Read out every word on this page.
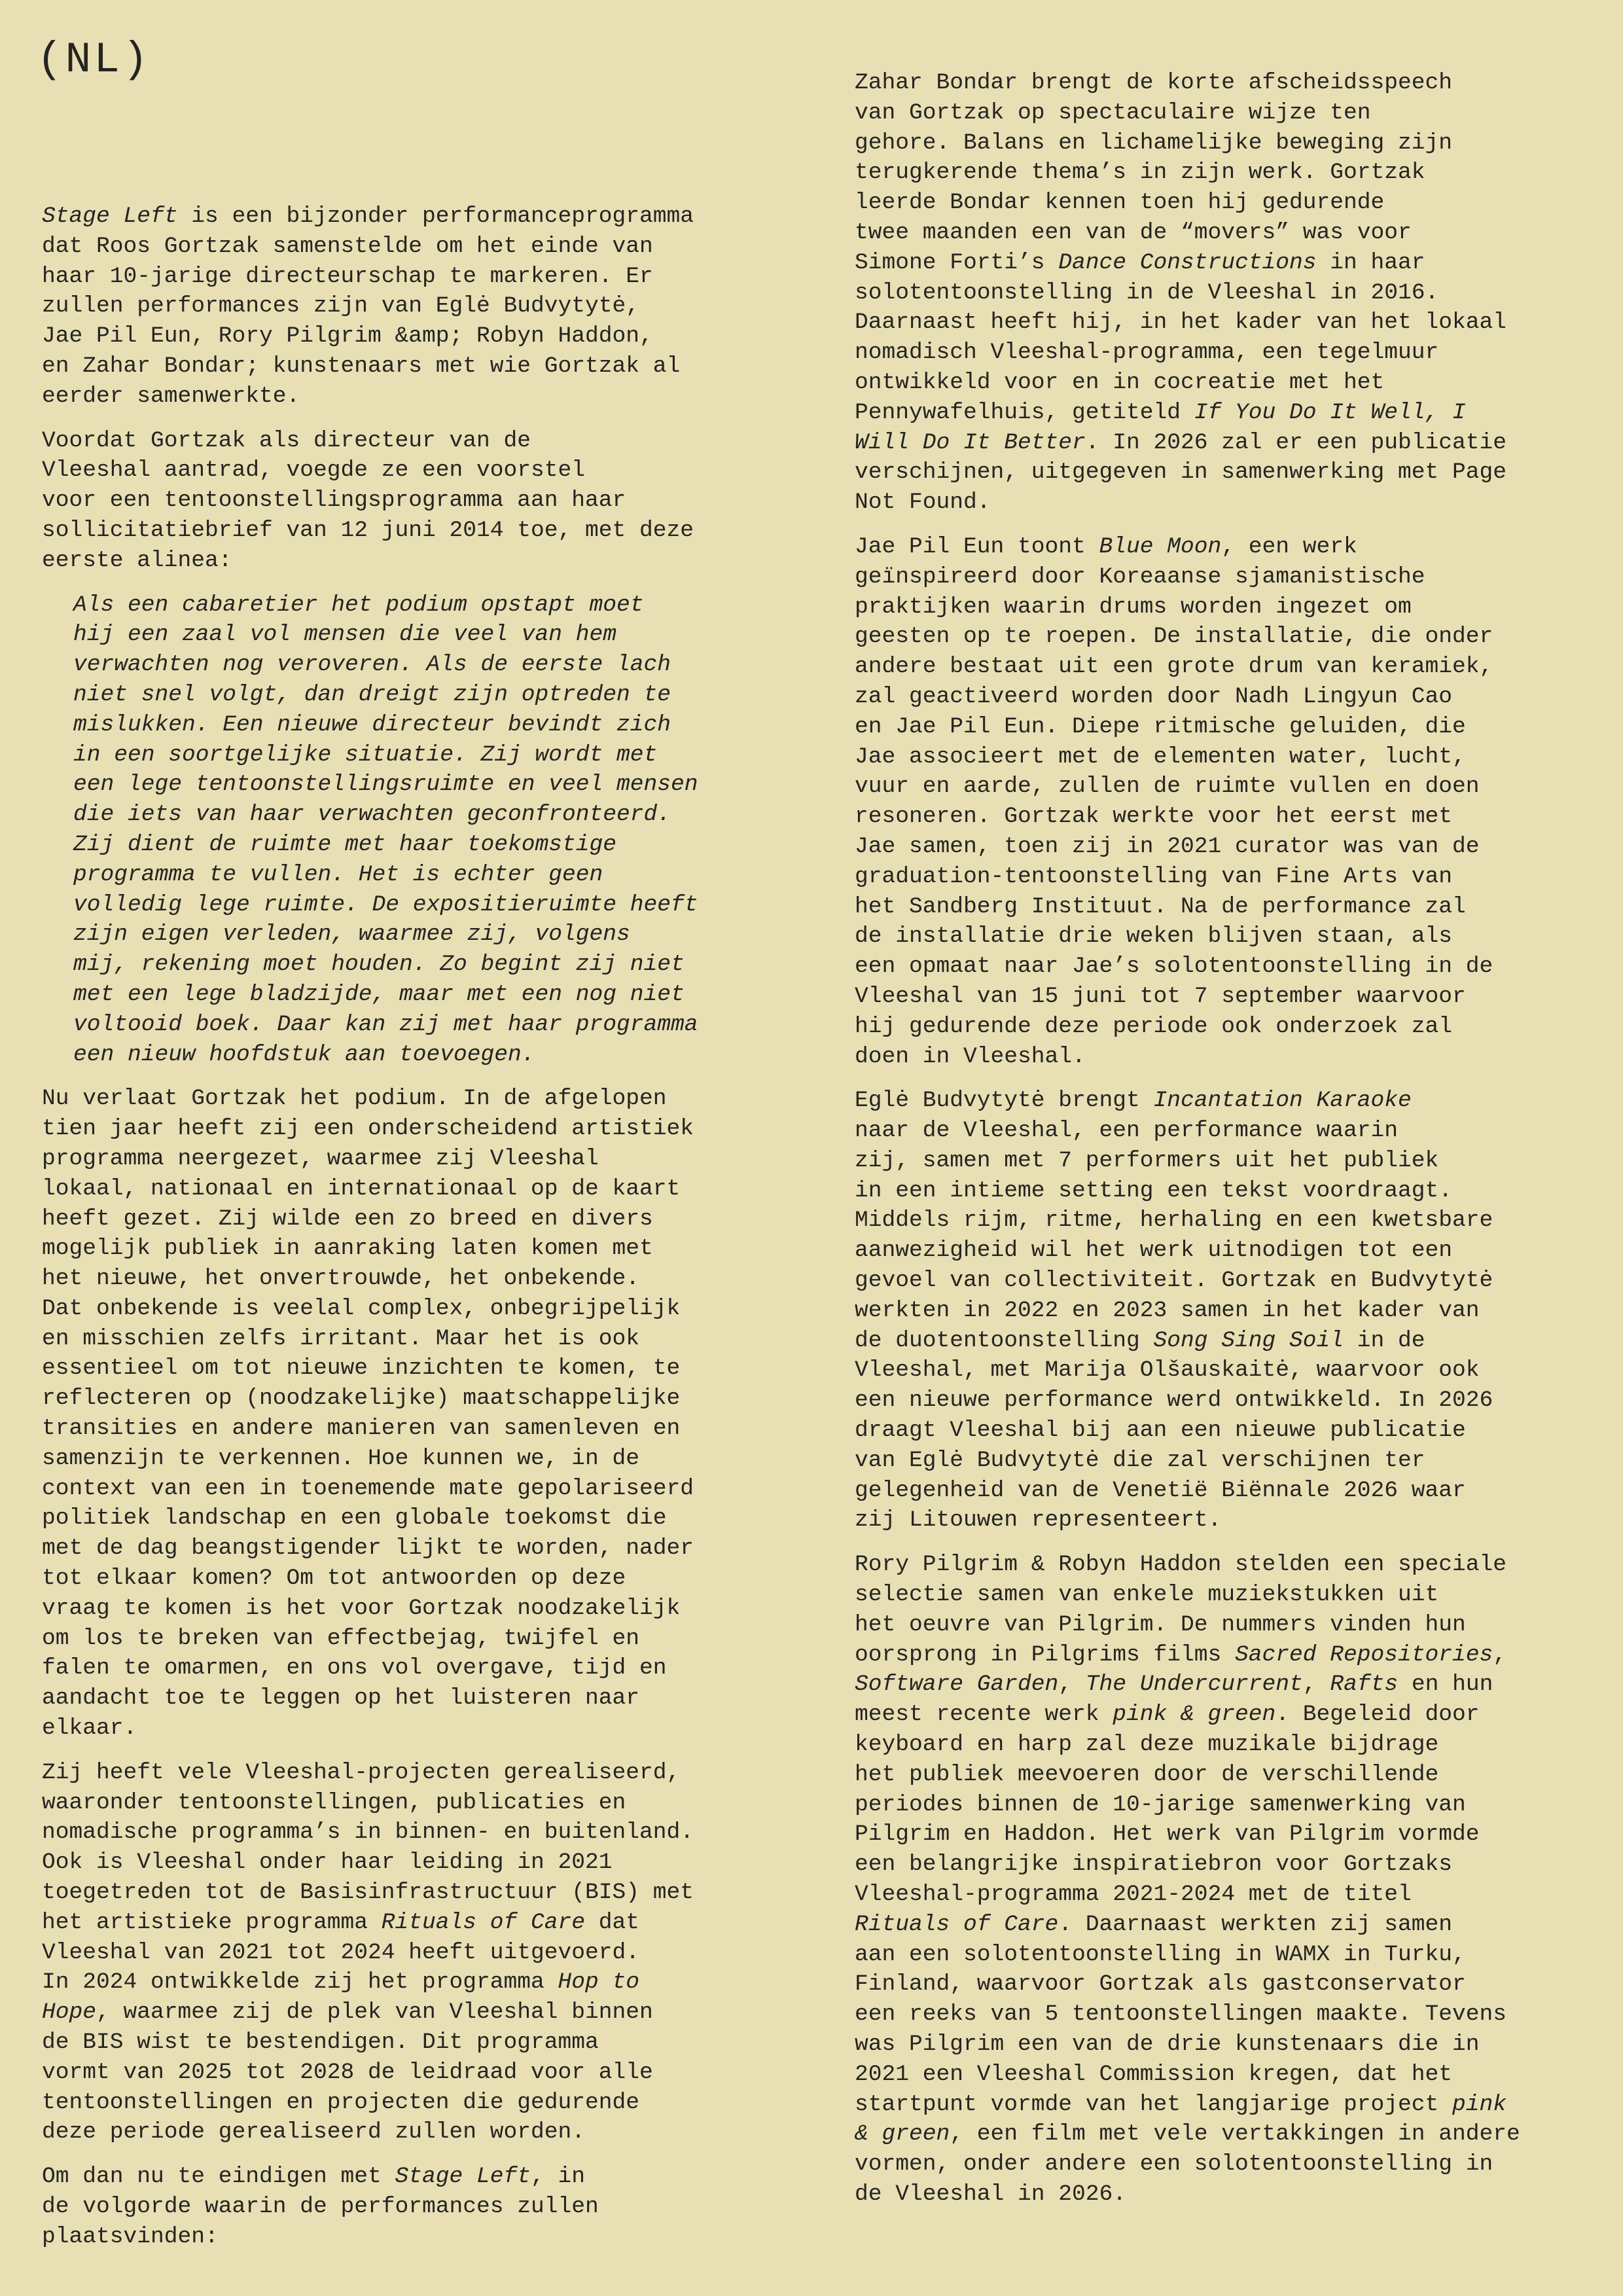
(NL)

Stage Left is een bijzonder performanceprogramma
dat Roos Gortzak samenstelde om het einde van
haar 10-jarige directeurschap te markeren. Er
zullen performances zijn van Eglė Budvytytė,
Jae Pil Eun, Rory Pilgrim &amp; Robyn Haddon,
en Zahar Bondar; kunstenaars met wie Gortzak al
eerder samenwerkte.

Voordat Gortzak als directeur van de
Vleeshal aantrad, voegde ze een voorstel
voor een tentoonstellingsprogramma aan haar
sollicitatiebrief van 12 juni 2014 toe, met deze
eerste alinea:

Als een cabaretier het podium opstapt moet
hij een zaal vol mensen die veel van hem
verwachten nog veroveren. Als de eerste lach
niet snel volgt, dan dreigt zijn optreden te
mislukken. Een nieuwe directeur bevindt zich
in een soortgelijke situatie. Zij wordt met
een lege tentoonstellingsruimte en veel mensen
die iets van haar verwachten geconfronteerd.
Zij dient de ruimte met haar toekomstige
programma te vullen. Het is echter geen
volledig lege ruimte. De expositieruimte heeft
zijn eigen verleden, waarmee zij, volgens
mij, rekening moet houden. Zo begint zij niet
met een lege bladzijde, maar met een nog niet
voltooid boek. Daar kan zij met haar programma
een nieuw hoofdstuk aan toevoegen.

Nu verlaat Gortzak het podium. In de afgelopen
tien jaar heeft zij een onderscheidend artistiek
programma neergezet, waarmee zij Vleeshal
lokaal, nationaal en internationaal op de kaart
heeft gezet. Zij wilde een zo breed en divers
mogelijk publiek in aanraking laten komen met
het nieuwe, het onvertrouwde, het onbekende.
Dat onbekende is veelal complex, onbegrijpelijk
en misschien zelfs irritant. Maar het is ook
essentieel om tot nieuwe inzichten te komen, te
reflecteren op (noodzakelijke) maatschappelijke
transities en andere manieren van samenleven en
samenzijn te verkennen. Hoe kunnen we, in de
context van een in toenemende mate gepolariseerd
politiek landschap en een globale toekomst die
met de dag beangstigender lijkt te worden, nader
tot elkaar komen? Om tot antwoorden op deze
vraag te komen is het voor Gortzak noodzakelijk
om los te breken van effectbejag, twijfel en
falen te omarmen, en ons vol overgave, tijd en
aandacht toe te leggen op het luisteren naar
elkaar.

Zij heeft vele Vleeshal-projecten gerealiseerd,
waaronder tentoonstellingen, publicaties en
nomadische programma’s in binnen- en buitenland.
Ook is Vleeshal onder haar leiding in 2021
toegetreden tot de Basisinfrastructuur (BIS) met
het artistieke programma Rituals of Care dat
Vleeshal van 2021 tot 2024 heeft uitgevoerd.
In 2024 ontwikkelde zij het programma Hop to
Hope, waarmee zij de plek van Vleeshal binnen
de BIS wist te bestendigen. Dit programma
vormt van 2025 tot 2028 de leidraad voor alle
tentoonstellingen en projecten die gedurende
deze periode gerealiseerd zullen worden.

Om dan nu te eindigen met Stage Left, in
de volgorde waarin de performances zullen
plaatsvinden:

Zahar Bondar brengt de korte afscheidsspeech
van Gortzak op spectaculaire wijze ten
gehore. Balans en lichamelijke beweging zijn
terugkerende thema’s in zijn werk. Gortzak
leerde Bondar kennen toen hij gedurende
twee maanden een van de “movers” was voor
Simone Forti’s Dance Constructions in haar
solotentoonstelling in de Vleeshal in 2016.
Daarnaast heeft hij, in het kader van het lokaal
nomadisch Vleeshal-programma, een tegelmuur
ontwikkeld voor en in cocreatie met het
Pennywafelhuis, getiteld If You Do It Well, I
Will Do It Better. In 2026 zal er een publicatie
verschijnen, uitgegeven in samenwerking met Page
Not Found.

Jae Pil Eun toont Blue Moon, een werk
geïnspireerd door Koreaanse sjamanistische
praktijken waarin drums worden ingezet om
geesten op te roepen. De installatie, die onder
andere bestaat uit een grote drum van keramiek,
zal geactiveerd worden door Nadh Lingyun Cao
en Jae Pil Eun. Diepe ritmische geluiden, die
Jae associeert met de elementen water, lucht,
vuur en aarde, zullen de ruimte vullen en doen
resoneren. Gortzak werkte voor het eerst met
Jae samen, toen zij in 2021 curator was van de
graduation-tentoonstelling van Fine Arts van
het Sandberg Instituut. Na de performance zal
de installatie drie weken blijven staan, als
een opmaat naar Jae’s solotentoonstelling in de
Vleeshal van 15 juni tot 7 september waarvoor
hij gedurende deze periode ook onderzoek zal
doen in Vleeshal.

Eglė Budvytytė brengt Incantation Karaoke
naar de Vleeshal, een performance waarin
zij, samen met 7 performers uit het publiek
in een intieme setting een tekst voordraagt.
Middels rijm, ritme, herhaling en een kwetsbare
aanwezigheid wil het werk uitnodigen tot een
gevoel van collectiviteit. Gortzak en Budvytytė
werkten in 2022 en 2023 samen in het kader van
de duotentoonstelling Song Sing Soil in de
Vleeshal, met Marija Olšauskaitė, waarvoor ook
een nieuwe performance werd ontwikkeld. In 2026
draagt Vleeshal bij aan een nieuwe publicatie
van Eglė Budvytytė die zal verschijnen ter
gelegenheid van de Venetië Biënnale 2026 waar
zij Litouwen representeert.

Rory Pilgrim & Robyn Haddon stelden een speciale
selectie samen van enkele muziekstukken uit
het oeuvre van Pilgrim. De nummers vinden hun
oorsprong in Pilgrims films Sacred Repositories,
Software Garden, The Undercurrent, Rafts en hun
meest recente werk pink & green. Begeleid door
keyboard en harp zal deze muzikale bijdrage
het publiek meevoeren door de verschillende
periodes binnen de 10-jarige samenwerking van
Pilgrim en Haddon. Het werk van Pilgrim vormde
een belangrijke inspiratiebron voor Gortzaks
Vleeshal-programma 2021-2024 met de titel
Rituals of Care. Daarnaast werkten zij samen
aan een solotentoonstelling in WAMX in Turku,
Finland, waarvoor Gortzak als gastconservator
een reeks van 5 tentoonstellingen maakte. Tevens
was Pilgrim een van de drie kunstenaars die in
2021 een Vleeshal Commission kregen, dat het
startpunt vormde van het langjarige project pink
& green, een film met vele vertakkingen in andere
vormen, onder andere een solotentoonstelling in
de Vleeshal in 2026.
